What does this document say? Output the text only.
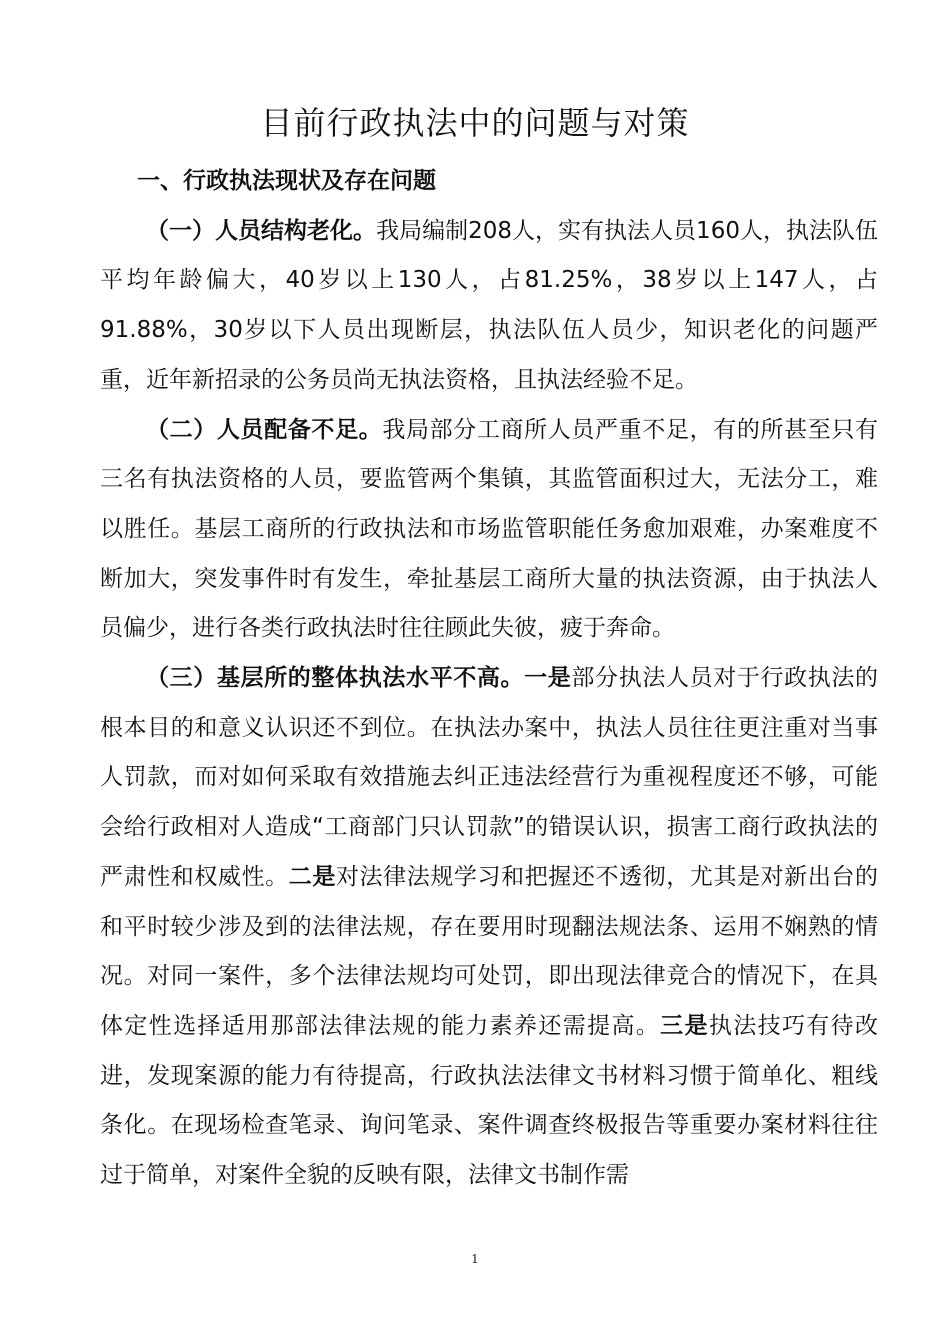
目前行政执法中的问题与对策

一、行政执法现状及存在问题

（一）人员结构老化。我局编制208人，实有执法人员160人，执法队伍平均年龄偏大，40岁以上130人，占81.25%，38岁以上147人，占91.88%，30岁以下人员出现断层，执法队伍人员少，知识老化的问题严重，近年新招录的公务员尚无执法资格，且执法经验不足。

（二）人员配备不足。我局部分工商所人员严重不足，有的所甚至只有三名有执法资格的人员，要监管两个集镇，其监管面积过大，无法分工，难以胜任。基层工商所的行政执法和市场监管职能任务愈加艰难，办案难度不断加大，突发事件时有发生，牵扯基层工商所大量的执法资源，由于执法人员偏少，进行各类行政执法时往往顾此失彼，疲于奔命。

（三）基层所的整体执法水平不高。一是部分执法人员对于行政执法的根本目的和意义认识还不到位。在执法办案中，执法人员往往更注重对当事人罚款，而对如何采取有效措施去纠正违法经营行为重视程度还不够，可能会给行政相对人造成“工商部门只认罚款”的错误认识，损害工商行政执法的严肃性和权威性。二是对法律法规学习和把握还不透彻，尤其是对新出台的和平时较少涉及到的法律法规，存在要用时现翻法规法条、运用不娴熟的情况。对同一案件，多个法律法规均可处罚，即出现法律竞合的情况下，在具体定性选择适用那部法律法规的能力素养还需提高。三是执法技巧有待改进，发现案源的能力有待提高，行政执法法律文书材料习惯于简单化、粗线条化。在现场检查笔录、询问笔录、案件调查终极报告等重要办案材料往往过于简单，对案件全貌的反映有限，法律文书制作需

1
